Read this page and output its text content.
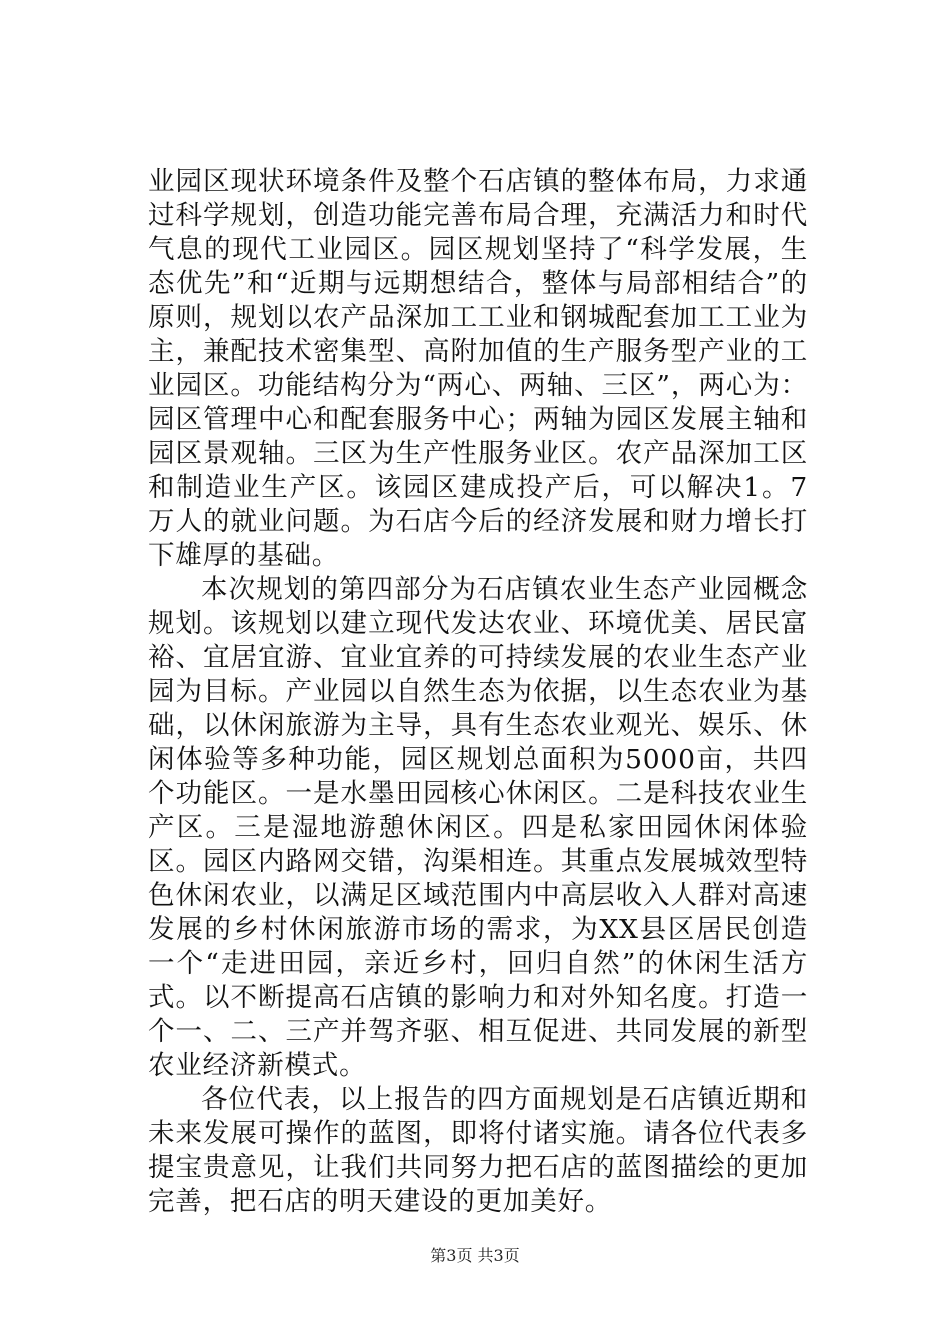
业园区现状环境条件及整个石店镇的整体布局，力求通过科学规划，创造功能完善布局合理，充满活力和时代气息的现代工业园区。园区规划坚持了“科学发展，生态优先”和“近期与远期想结合，整体与局部相结合”的原则，规划以农产品深加工工业和钢城配套加工工业为主，兼配技术密集型、高附加值的生产服务型产业的工业园区。功能结构分为“两心、两轴、三区”，两心为：园区管理中心和配套服务中心；两轴为园区发展主轴和园区景观轴。三区为生产性服务业区。农产品深加工区和制造业生产区。该园区建成投产后，可以解决1。7万人的就业问题。为石店今后的经济发展和财力增长打下雄厚的基础。

本次规划的第四部分为石店镇农业生态产业园概念规划。该规划以建立现代发达农业、环境优美、居民富裕、宜居宜游、宜业宜养的可持续发展的农业生态产业园为目标。产业园以自然生态为依据，以生态农业为基础，以休闲旅游为主导，具有生态农业观光、娱乐、休闲体验等多种功能，园区规划总面积为5000亩，共四个功能区。一是水墨田园核心休闲区。二是科技农业生产区。三是湿地游憩休闲区。四是私家田园休闲体验区。园区内路网交错，沟渠相连。其重点发展城效型特色休闲农业，以满足区域范围内中高层收入人群对高速发展的乡村休闲旅游市场的需求，为XX县区居民创造一个“走进田园，亲近乡村，回归自然”的休闲生活方式。以不断提高石店镇的影响力和对外知名度。打造一个一、二、三产并驾齐驱、相互促进、共同发展的新型农业经济新模式。

各位代表，以上报告的四方面规划是石店镇近期和未来发展可操作的蓝图，即将付诸实施。请各位代表多提宝贵意见，让我们共同努力把石店的蓝图描绘的更加完善，把石店的明天建设的更加美好。

第3页 共3页
